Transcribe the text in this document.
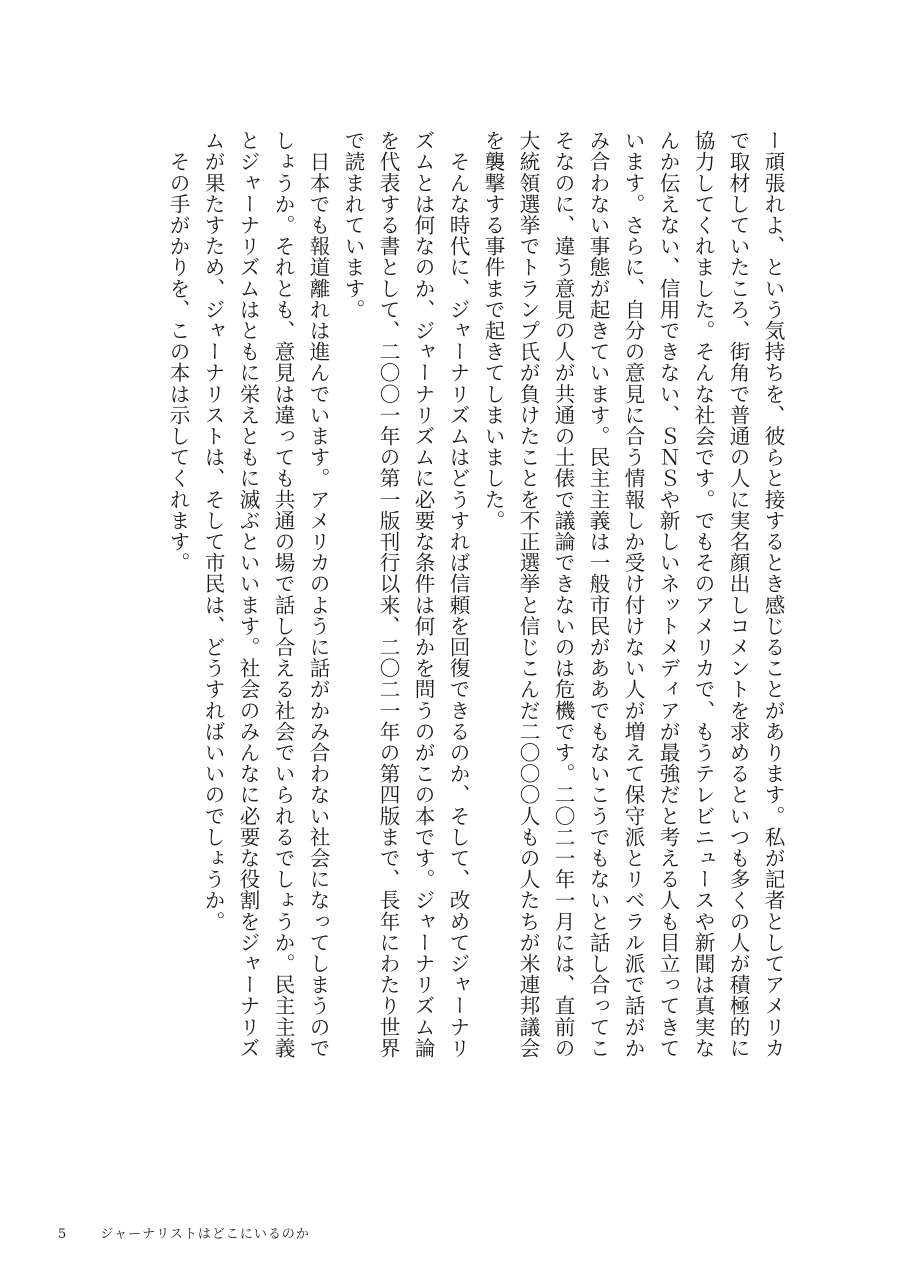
ー頑張れよ、という気持ちを、彼らと接するとき感じることがあります。私が記者としてアメリカ
で取材していたころ、街角で普通の人に実名顔出しコメントを求めるといつも多くの人が積極的に
協力してくれました。そんな社会です。でもそのアメリカで、もうテレビニュースや新聞は真実な
んか伝えない、信用できない、ＳＮＳや新しいネットメディアが最強だと考える人も目立ってきて
います。さらに、自分の意見に合う情報しか受け付けない人が増えて保守派とリベラル派で話がか
み合わない事態が起きています。民主主義は一般市民がああでもないこうでもないと話し合ってこ
そなのに、違う意見の人が共通の土俵で議論できないのは危機です。二〇二一年一月には、直前の
大統領選挙でトランプ氏が負けたことを不正選挙と信じこんだ二〇〇〇人もの人たちが米連邦議会
を襲撃する事件まで起きてしまいました。

　そんな時代に、ジャーナリズムはどうすれば信頼を回復できるのか、そして、改めてジャーナリ
ズムとは何なのか、ジャーナリズムに必要な条件は何かを問うのがこの本です。ジャーナリズム論
を代表する書として、二〇〇一年の第一版刊行以来、二〇二一年の第四版まで、長年にわたり世界
で読まれています。

　日本でも報道離れは進んでいます。アメリカのように話がかみ合わない社会になってしまうので
しょうか。それとも、意見は違っても共通の場で話し合える社会でいられるでしょうか。民主主義
とジャーナリズムはともに栄えともに滅ぶといいます。社会のみんなに必要な役割をジャーナリズ
ムが果たすため、ジャーナリストは、そして市民は、どうすればいいのでしょうか。

　その手がかりを、この本は示してくれます。

5	ジャーナリストはどこにいるのか
